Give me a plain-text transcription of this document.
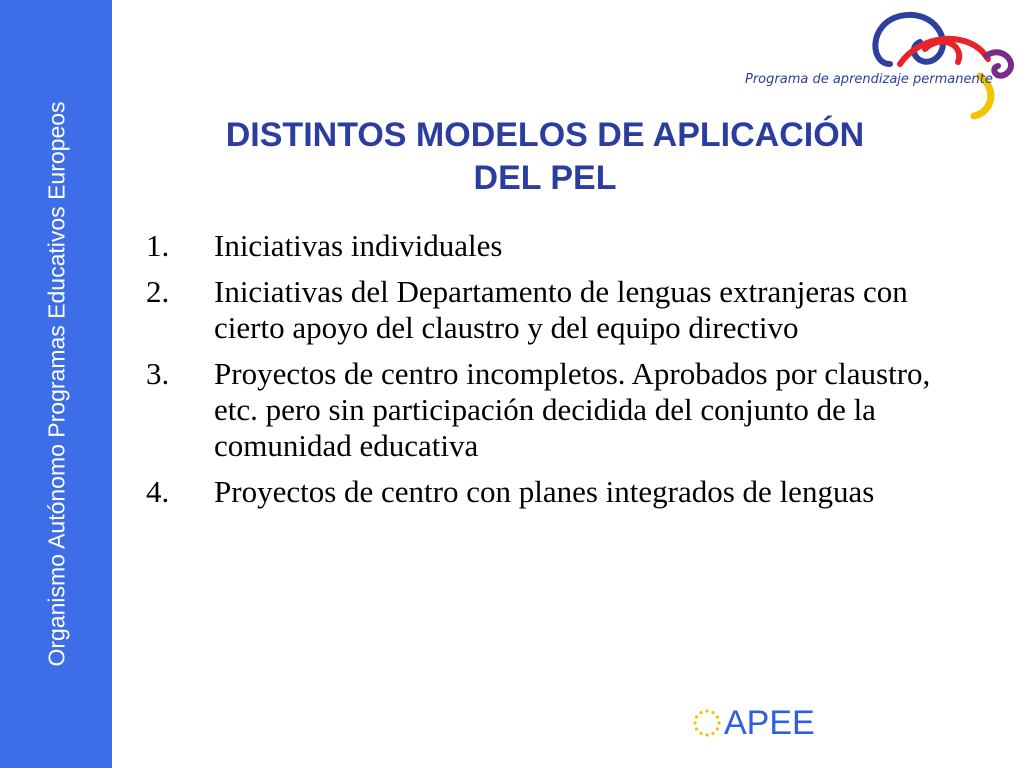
Organismo Autónomo Programas Educativos Europeos
Programa de aprendizaje permanente
DISTINTOS MODELOS DE APLICACIÓN
DEL PEL
1.	Iniciativas individuales
2.	Iniciativas del Departamento de lenguas extranjeras con cierto apoyo del claustro y del equipo directivo
3.	Proyectos de centro incompletos. Aprobados por claustro, etc. pero sin participación decidida del conjunto de la comunidad educativa
4.	Proyectos de centro con planes integrados de lenguas
APEE
